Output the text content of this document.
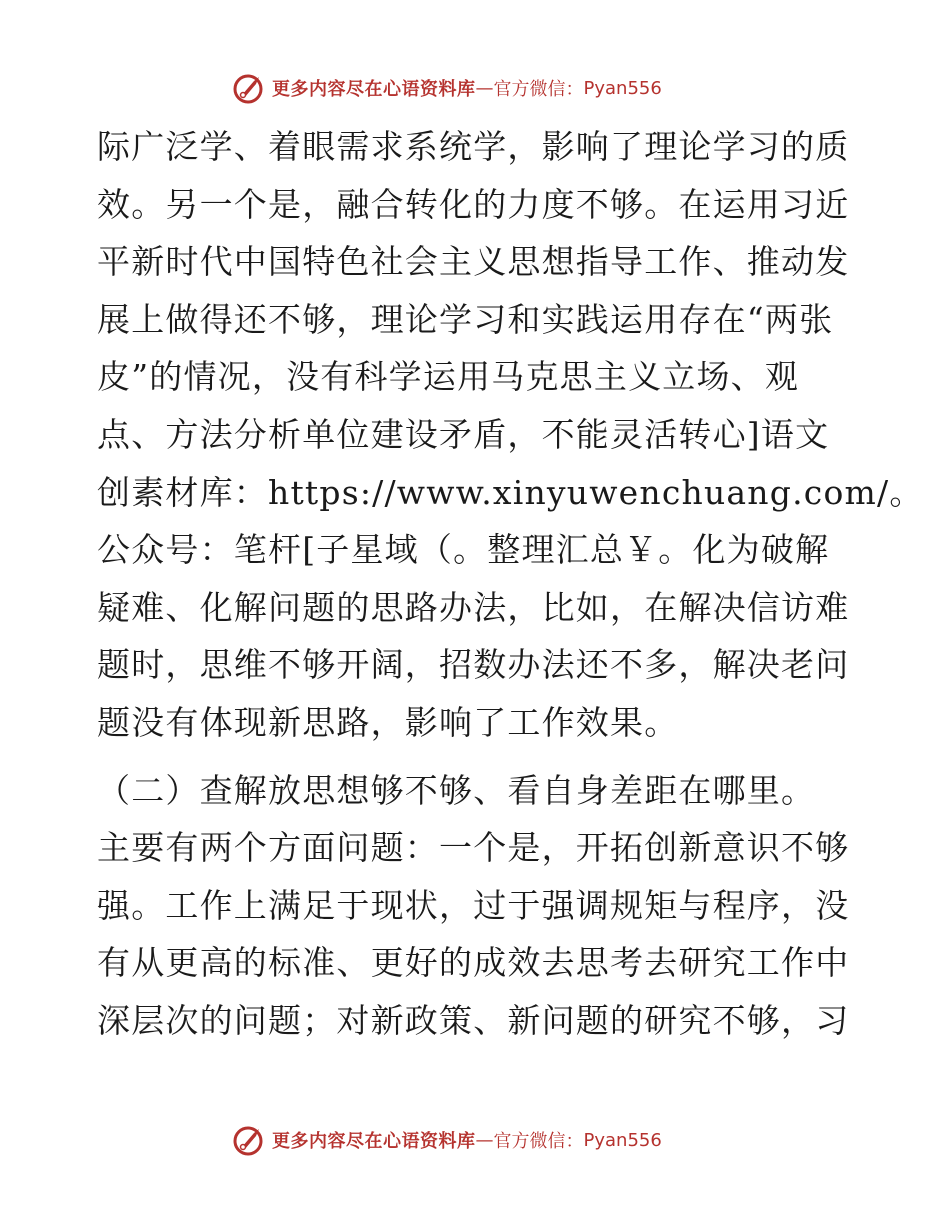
更多内容尽在心语资料库 — 官方微信 ： Pyan556
际广泛学、着眼需求系统学，影响了理论学习的质
效。另一个是，融合转化的力度不够。在运用习近
平新时代中国特色社会主义思想指导工作、推动发
展上做得还不够，理论学习和实践运用存在“两张
皮”的情况，没有科学运用马克思主义立场、观
点、方法分析单位建设矛盾，不能灵活转心]语文
创素材库：https://www.xinyuwenchuang.com/。
公众号：笔杆[子星域（。整理汇总￥。化为破解
疑难、化解问题的思路办法，比如，在解决信访难
题时，思维不够开阔，招数办法还不多，解决老问
题没有体现新思路，影响了工作效果。
（二）查解放思想够不够、看自身差距在哪里。
主要有两个方面问题：一个是，开拓创新意识不够
强。工作上满足于现状，过于强调规矩与程序，没
有从更高的标准、更好的成效去思考去研究工作中
深层次的问题；对新政策、新问题的研究不够，习
更多内容尽在心语资料库 — 官方微信 ： Pyan556
